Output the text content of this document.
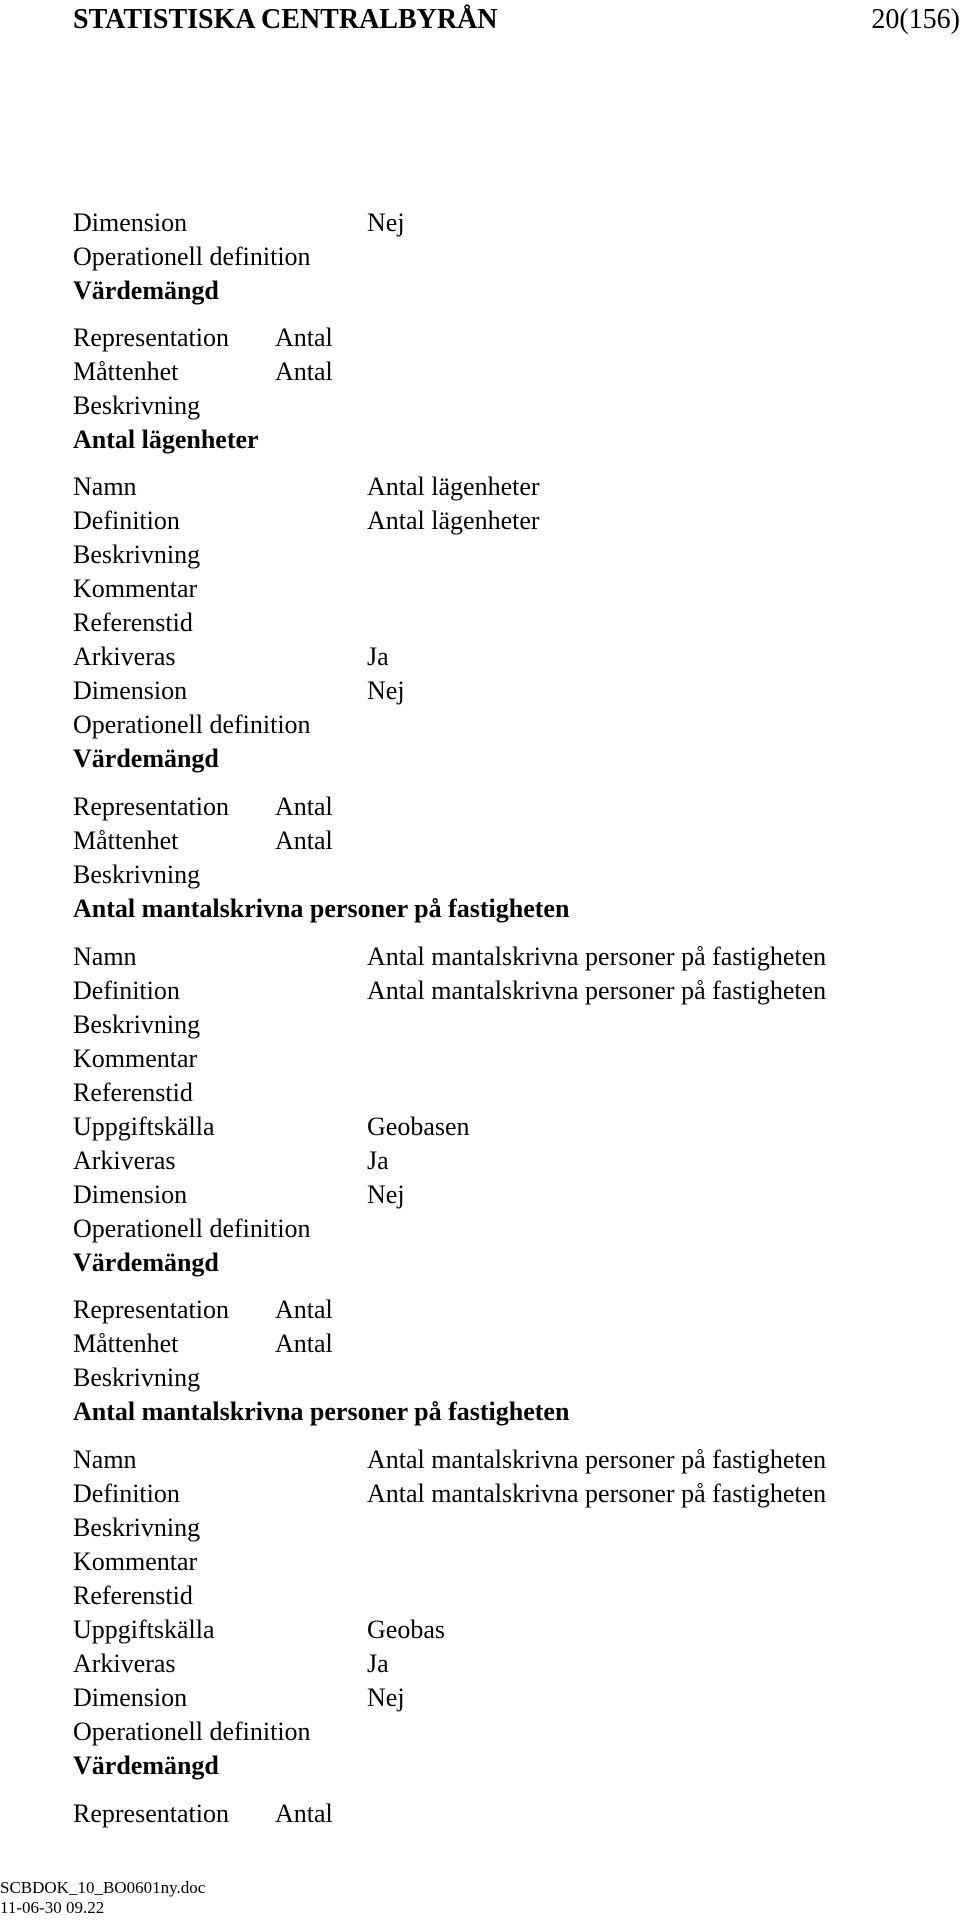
STATISTISKA CENTRALBYRÅN	20(156)
Dimension	Nej
Operationell definition
Värdemängd
Representation Antal
Måttenhet	Antal
Beskrivning
Antal lägenheter
Namn	Antal lägenheter
Definition	Antal lägenheter
Beskrivning
Kommentar
Referenstid
Arkiveras	Ja
Dimension	Nej
Operationell definition
Värdemängd
Representation Antal
Måttenhet	Antal
Beskrivning
Antal mantalskrivna personer på fastigheten
Namn	Antal mantalskrivna personer på fastigheten
Definition	Antal mantalskrivna personer på fastigheten
Beskrivning
Kommentar
Referenstid
Uppgiftskälla	Geobasen
Arkiveras	Ja
Dimension	Nej
Operationell definition
Värdemängd
Representation Antal
Måttenhet	Antal
Beskrivning
Antal mantalskrivna personer på fastigheten
Namn	Antal mantalskrivna personer på fastigheten
Definition	Antal mantalskrivna personer på fastigheten
Beskrivning
Kommentar
Referenstid
Uppgiftskälla	Geobas
Arkiveras	Ja
Dimension	Nej
Operationell definition
Värdemängd
Representation Antal
SCBDOK_10_BO0601ny.doc
11-06-30 09.22
